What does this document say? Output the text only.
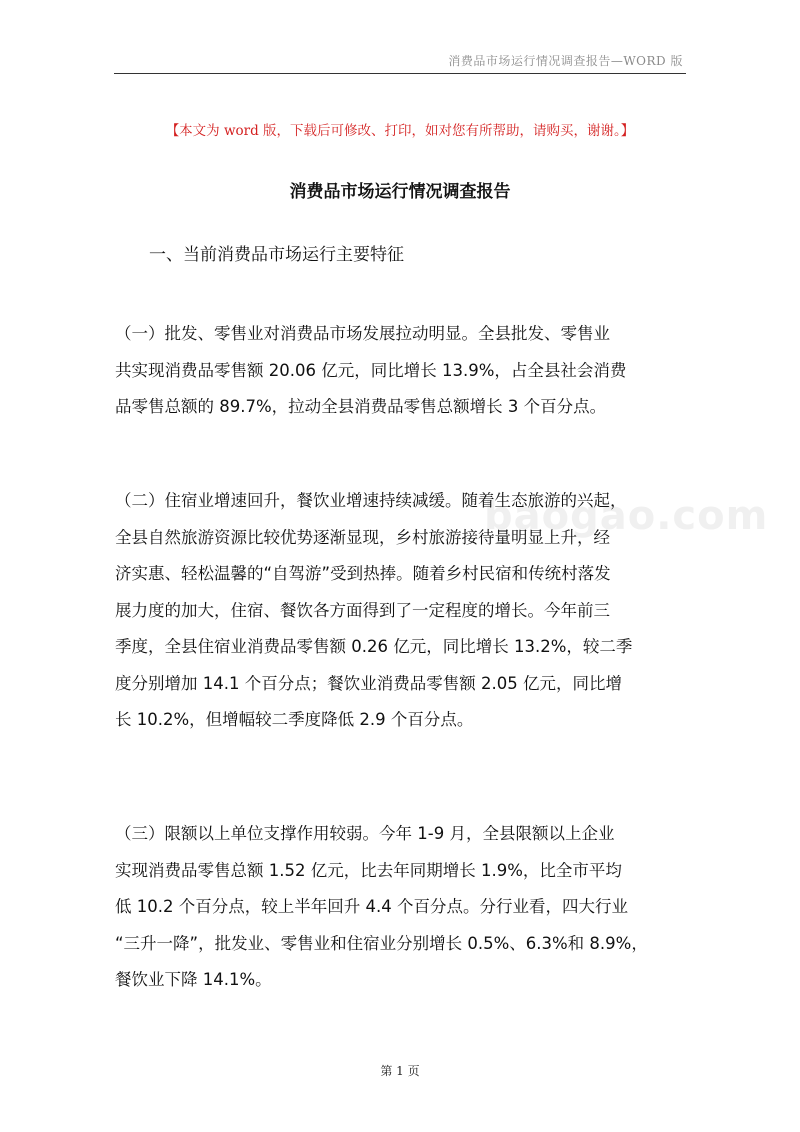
消费品市场运行情况调查报告—WORD 版
【本文为 word 版，下载后可修改、打印，如对您有所帮助，请购买，谢谢。】
消费品市场运行情况调查报告
一、当前消费品市场运行主要特征
baogao.com
（一）批发、零售业对消费品市场发展拉动明显。全县批发、零售业
共实现消费品零售额 20.06 亿元，同比增长 13.9%，占全县社会消费
品零售总额的 89.7%，拉动全县消费品零售总额增长 3 个百分点。
（二）住宿业增速回升，餐饮业增速持续减缓。随着生态旅游的兴起，
全县自然旅游资源比较优势逐渐显现，乡村旅游接待量明显上升，经
济实惠、轻松温馨的“自驾游”受到热捧。随着乡村民宿和传统村落发
展力度的加大，住宿、餐饮各方面得到了一定程度的增长。今年前三
季度，全县住宿业消费品零售额 0.26 亿元，同比增长 13.2%，较二季
度分别增加 14.1 个百分点；餐饮业消费品零售额 2.05 亿元，同比增
长 10.2%，但增幅较二季度降低 2.9 个百分点。
（三）限额以上单位支撑作用较弱。今年 1-9 月，全县限额以上企业
实现消费品零售总额 1.52 亿元，比去年同期增长 1.9%，比全市平均
低 10.2 个百分点，较上半年回升 4.4 个百分点。分行业看，四大行业
“三升一降”，批发业、零售业和住宿业分别增长 0.5%、6.3%和 8.9%，
餐饮业下降 14.1%。
第 1 页
